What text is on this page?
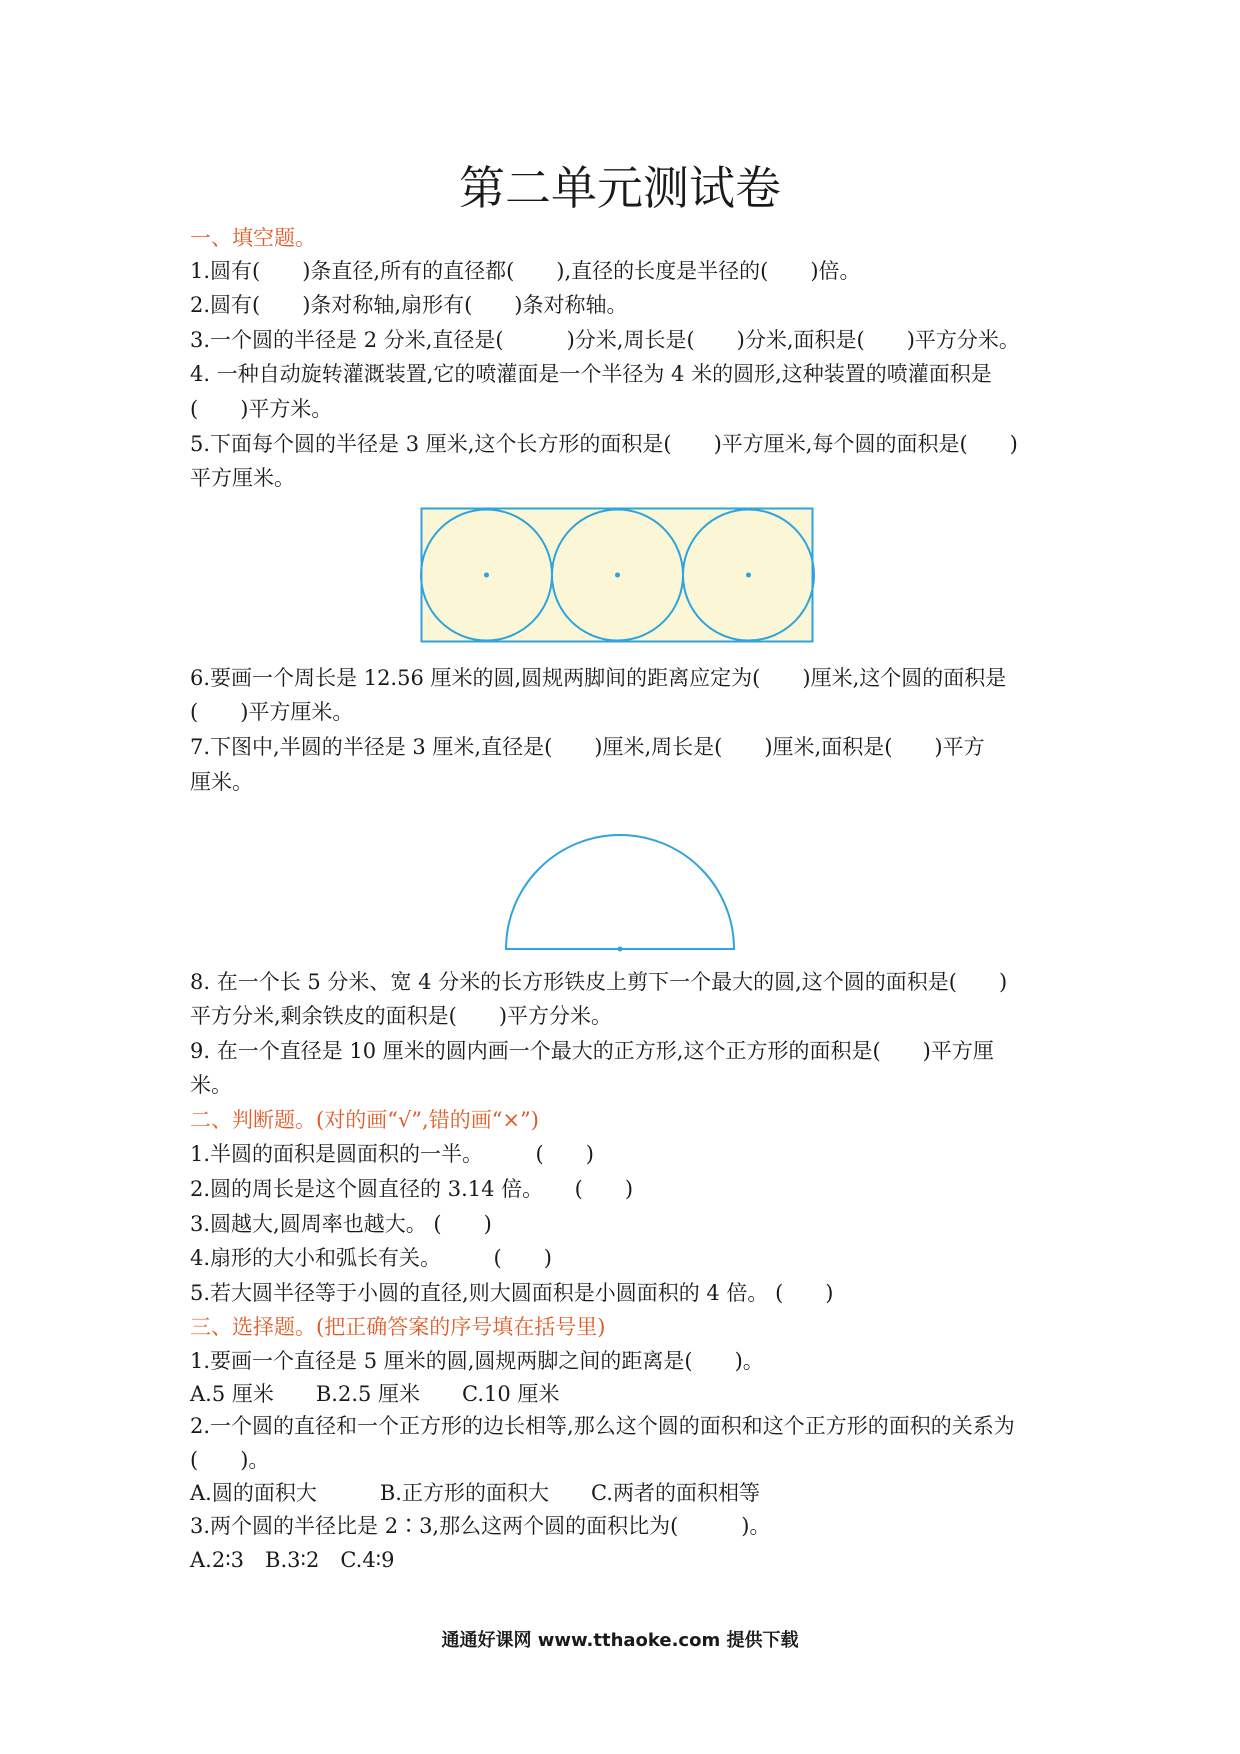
第二单元测试卷
一、填空题。
1.圆有(　　)条直径,所有的直径都(　　),直径的长度是半径的(　　)倍。
2.圆有(　　)条对称轴,扇形有(　　)条对称轴。
3.一个圆的半径是 2 分米,直径是(　　　)分米,周长是(　　)分米,面积是(　　)平方分米。
4. 一种自动旋转灌溉装置,它的喷灌面是一个半径为 4 米的圆形,这种装置的喷灌面积是
(　　)平方米。
5.下面每个圆的半径是 3 厘米,这个长方形的面积是(　　)平方厘米,每个圆的面积是(　　)
平方厘米。
6.要画一个周长是 12.56 厘米的圆,圆规两脚间的距离应定为(　　)厘米,这个圆的面积是
(　　)平方厘米。
7.下图中,半圆的半径是 3 厘米,直径是(　　)厘米,周长是(　　)厘米,面积是(　　)平方
厘米。
8. 在一个长 5 分米、宽 4 分米的长方形铁皮上剪下一个最大的圆,这个圆的面积是(　　)
平方分米,剩余铁皮的面积是(　　)平方分米。
9. 在一个直径是 10 厘米的圆内画一个最大的正方形,这个正方形的面积是(　　)平方厘
米。
二、判断题。(对的画“√”,错的画“×”)
1.半圆的面积是圆面积的一半。　　　(　　)
2.圆的周长是这个圆直径的 3.14 倍。　　(　　)
3.圆越大,圆周率也越大。 (　　)
4.扇形的大小和弧长有关。　　　(　　)
5.若大圆半径等于小圆的直径,则大圆面积是小圆面积的 4 倍。 (　　)
三、选择题。(把正确答案的序号填在括号里)
1.要画一个直径是 5 厘米的圆,圆规两脚之间的距离是(　　)。
A.5 厘米　　B.2.5 厘米　　C.10 厘米
2.一个圆的直径和一个正方形的边长相等,那么这个圆的面积和这个正方形的面积的关系为
(　　)。
A.圆的面积大　　　B.正方形的面积大　　C.两者的面积相等
3.两个圆的半径比是 2∶3,那么这两个圆的面积比为(　　　)。
A.2∶3　B.3∶2　C.4∶9
通通好课网 www.tthaoke.com 提供下载
